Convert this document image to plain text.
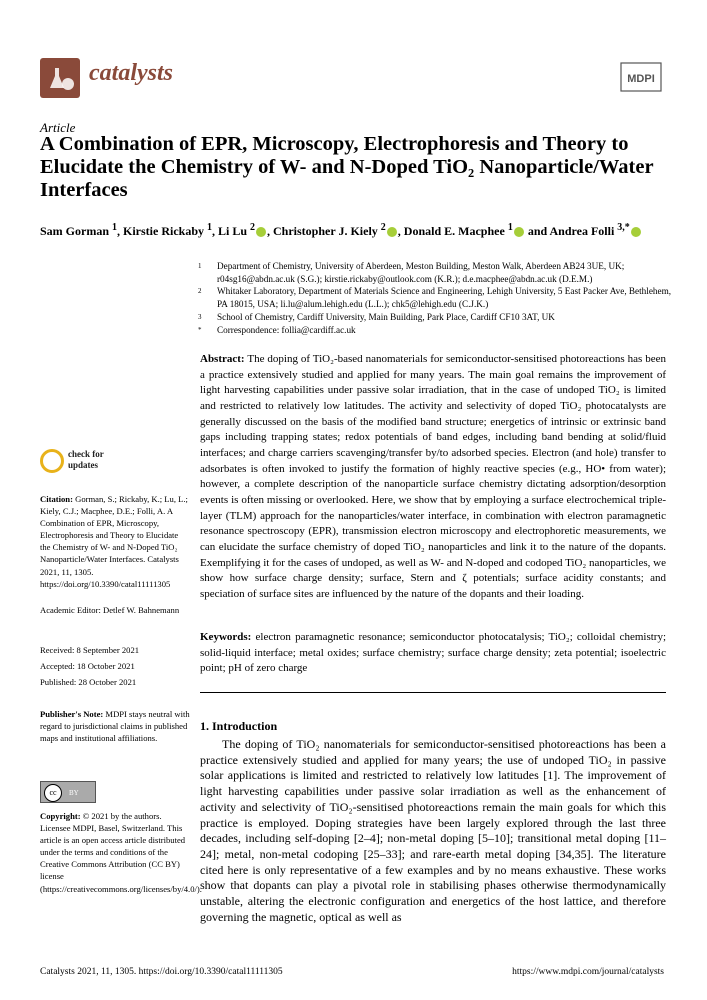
catalysts	MDPI
Article
A Combination of EPR, Microscopy, Electrophoresis and Theory to Elucidate the Chemistry of W- and N-Doped TiO₂ Nanoparticle/Water Interfaces
Sam Gorman $^1$, Kirstie Rickaby $^1$, Li Lu $^2$ , Christopher J. Kiely $^2$ , Donald E. Macphee $^1$ and Andrea Folli $^{3,*}$
1 Department of Chemistry, University of Aberdeen, Meston Building, Meston Walk, Aberdeen AB24 3UE, UK; r04sg16@abdn.ac.uk (S.G.); kirstie.rickaby@outlook.com (K.R.); d.e.macphee@abdn.ac.uk (D.E.M.)
2 Whitaker Laboratory, Department of Materials Science and Engineering, Lehigh University, 5 East Packer Ave, Bethlehem, PA 18015, USA; li.lu@alum.lehigh.edu (L.L.); chk5@lehigh.edu (C.J.K.)
3 School of Chemistry, Cardiff University, Main Building, Park Place, Cardiff CF10 3AT, UK
* Correspondence: follia@cardiff.ac.uk
Abstract: The doping of TiO₂-based nanomaterials for semiconductor-sensitised photoreactions has been a practice extensively studied and applied for many years. The main goal remains the improvement of light harvesting capabilities under passive solar irradiation, that in the case of undoped TiO₂ is limited and restricted to relatively low latitudes. The activity and selectivity of doped TiO₂ photocatalysts are generally discussed on the basis of the modified band structure; energetics of intrinsic or extrinsic band gaps including trapping states; redox potentials of band edges, including band bending at solid/fluid interfaces; and charge carriers scavenging/transfer by/to adsorbed species. Electron (and hole) transfer to adsorbates is often invoked to justify the formation of highly reactive species (e.g., HO• from water); however, a complete description of the nanoparticle surface chemistry dictating adsorption/desorption events is often missing or overlooked. Here, we show that by employing a surface electrochemical triple-layer (TLM) approach for the nanoparticles/water interface, in combination with electron paramagnetic resonance spectroscopy (EPR), transmission electron microscopy and electrophoretic measurements, we can elucidate the surface chemistry of doped TiO₂ nanoparticles and link it to the nature of the dopants. Exemplifying it for the cases of undoped, as well as W- and N-doped and codoped TiO₂ nanoparticles, we show how surface charge density; surface, Stern and ζ potentials; surface acidity constants; and speciation of surface sites are influenced by the nature of the dopants and their loading.
Keywords: electron paramagnetic resonance; semiconductor photocatalysis; TiO₂; colloidal chemistry; solid-liquid interface; metal oxides; surface chemistry; surface charge density; zeta potential; isoelectric point; pH of zero charge
1. Introduction

The doping of TiO₂ nanomaterials for semiconductor-sensitised photoreactions has been a practice extensively studied and applied for many years; the use of undoped TiO₂ in passive solar applications is limited and restricted to relatively low latitudes [1]. The improvement of light harvesting capabilities under passive solar irradiation as well as the enhancement of activity and selectivity of TiO₂-sensitised photoreactions remain the main goals for which this practice is employed. Doping strategies have been largely explored through the last three decades, including self-doping [2–4]; non-metal doping [5–10]; transitional metal doping [11–24]; metal, non-metal codoping [25–33]; and rare-earth metal doping [34,35]. The literature cited here is only representative of a few examples and by no means exhaustive. These works show that dopants can play a pivotal role in stabilising phases otherwise thermodynamically unstable, altering the electronic configuration and energetics of the host lattice, and therefore governing the magnetic, optical as well as

check for
updates
Citation: Gorman, S.; Rickaby, K.; Lu, L.; Kiely, C.J.; Macphee, D.E.; Folli, A. A Combination of EPR, Microscopy, Electrophoresis and Theory to Elucidate the Chemistry of W- and N-Doped TiO₂ Nanoparticle/Water Interfaces. Catalysts 2021, 11, 1305. https://doi.org/10.3390/catal11111305
Academic Editor: Detlef W. Bahnemann
Received: 8 September 2021
Accepted: 18 October 2021
Published: 28 October 2021
Publisher's Note: MDPI stays neutral with regard to jurisdictional claims in published maps and institutional affiliations.
cc	BY
Copyright: © 2021 by the authors. Licensee MDPI, Basel, Switzerland. This article is an open access article distributed under the terms and conditions of the Creative Commons Attribution (CC BY) license (https://creativecommons.org/licenses/by/4.0/).
Catalysts 2021, 11, 1305. https://doi.org/10.3390/catal11111305	https://www.mdpi.com/journal/catalysts
